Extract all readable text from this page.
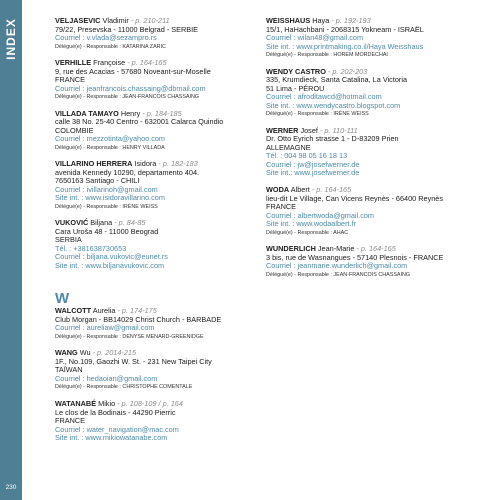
INDEX
230
VELJASEVIC Vladimir - p. 210-211
79/22, Presevska - 11000 Belgrad - SERBIE
Courriel : v.vlada@sezampro.rs
Délégué(e) - Responsable : KATARINA ZARIC
VERHILLE Françoise - p. 164-165
9, rue des Acacias - 57680 Noveant-sur-Moselle
FRANCE
Courriel : jeanfrancois.chassaing@dbmail.com
Délégué(e) - Responsable : JEAN-FRANCOIS CHASSAING
VILLADA TAMAYO Henry - p. 184-185
calle 38 No. 25-40 Centro - 632001 Calarca Quindio
COLOMBIE
Courriel : mezzotinta@yahoo.com
Délégué(e) - Responsable : HENRY VILLADA
VILLARINO HERRERA Isidora - p. 182-183
avenida Kennedy 10290, departamento 404.
7650163 Santiago - CHILI
Courriel : ivillarinoh@gmail.com
Site int. : www.isidoravillarino.com
Délégué(e) - Responsable : IRÈNE WEISS
VUKOVIĆ Biljana - p. 84-85
Cara Uroša 48 - 11000 Beograd
SERBIA
Tél. : +381638730653
Courriel : biljana.vukovic@eunet.rs
Site int. : www.biljanavukovic.com
W
WALCOTT Aurelia - p. 174-175
Club Morgan - BB14029 Christ Church - BARBADE
Courriel : aureliaw@gmail.com
Délégué(e) - Responsable : DENYSE MENARD-GREENIDGE
WANG Wu - p. 2014-215
1F., No.109, Gaozhi W. St. - 231 New Taipei City
TAÏWAN
Courriel : hedaoian@gmail.com
Délégué(e) - Responsable : CHRISTOPHE COMENTALE
WATANABÉ Mikio - p. 108-109 / p. 164
Le clos de la Bodinais - 44290 Pierric
FRANCE
Courriel : water_navigation@mac.com
Site int. : www.mikiowatanabe.com
WEISSHAUS Haya - p. 192-193
15/1, HaHachbani - 2068315 Yokneam - ISRAËL
Courriel : wilan48@gmail.com
Site int. : www.printmaking.co.il/Haya Weisshaus
Délégué(e) - Responsable : HOREM MORDECHAI
WENDY CASTRO - p. 202-203
335, Krumdieck, Santa Catalina, La Victoria
51 Lima - PÉROU
Courriel : afroditawcd@hotmail.com
Site int. : www.wendycastro.blogspot.com
Délégué(e) - Responsable : IRÈNE WEISS
WERNER Josef - p. 110-111
Dr. Otto Eyrich strasse 1 - D-83209 Prien
ALLEMAGNE
Tél. : 004 98 05 16 18 13
Courriel : jw@josefwerner.de
Site int.: www.josefwerner.de
WODA Albert - p. 164-165
lieu-dit Le Village, Can Vicens Reynès - 66400 Reynès
FRANCE
Courriel : albertwoda@gmail.com
Site int. : www.wodaalbert.fr
Délégué(e) - Responsable : AHAC
WUNDERLICH Jean-Marie - p. 164-165
3 bis, rue de Wasnangues - 57140 Plesnois - FRANCE
Courriel : jeanmarie.wunderlich@gmail.com
Délégué(e) - Responsable : JEAN-FRANCOIS CHASSAING
